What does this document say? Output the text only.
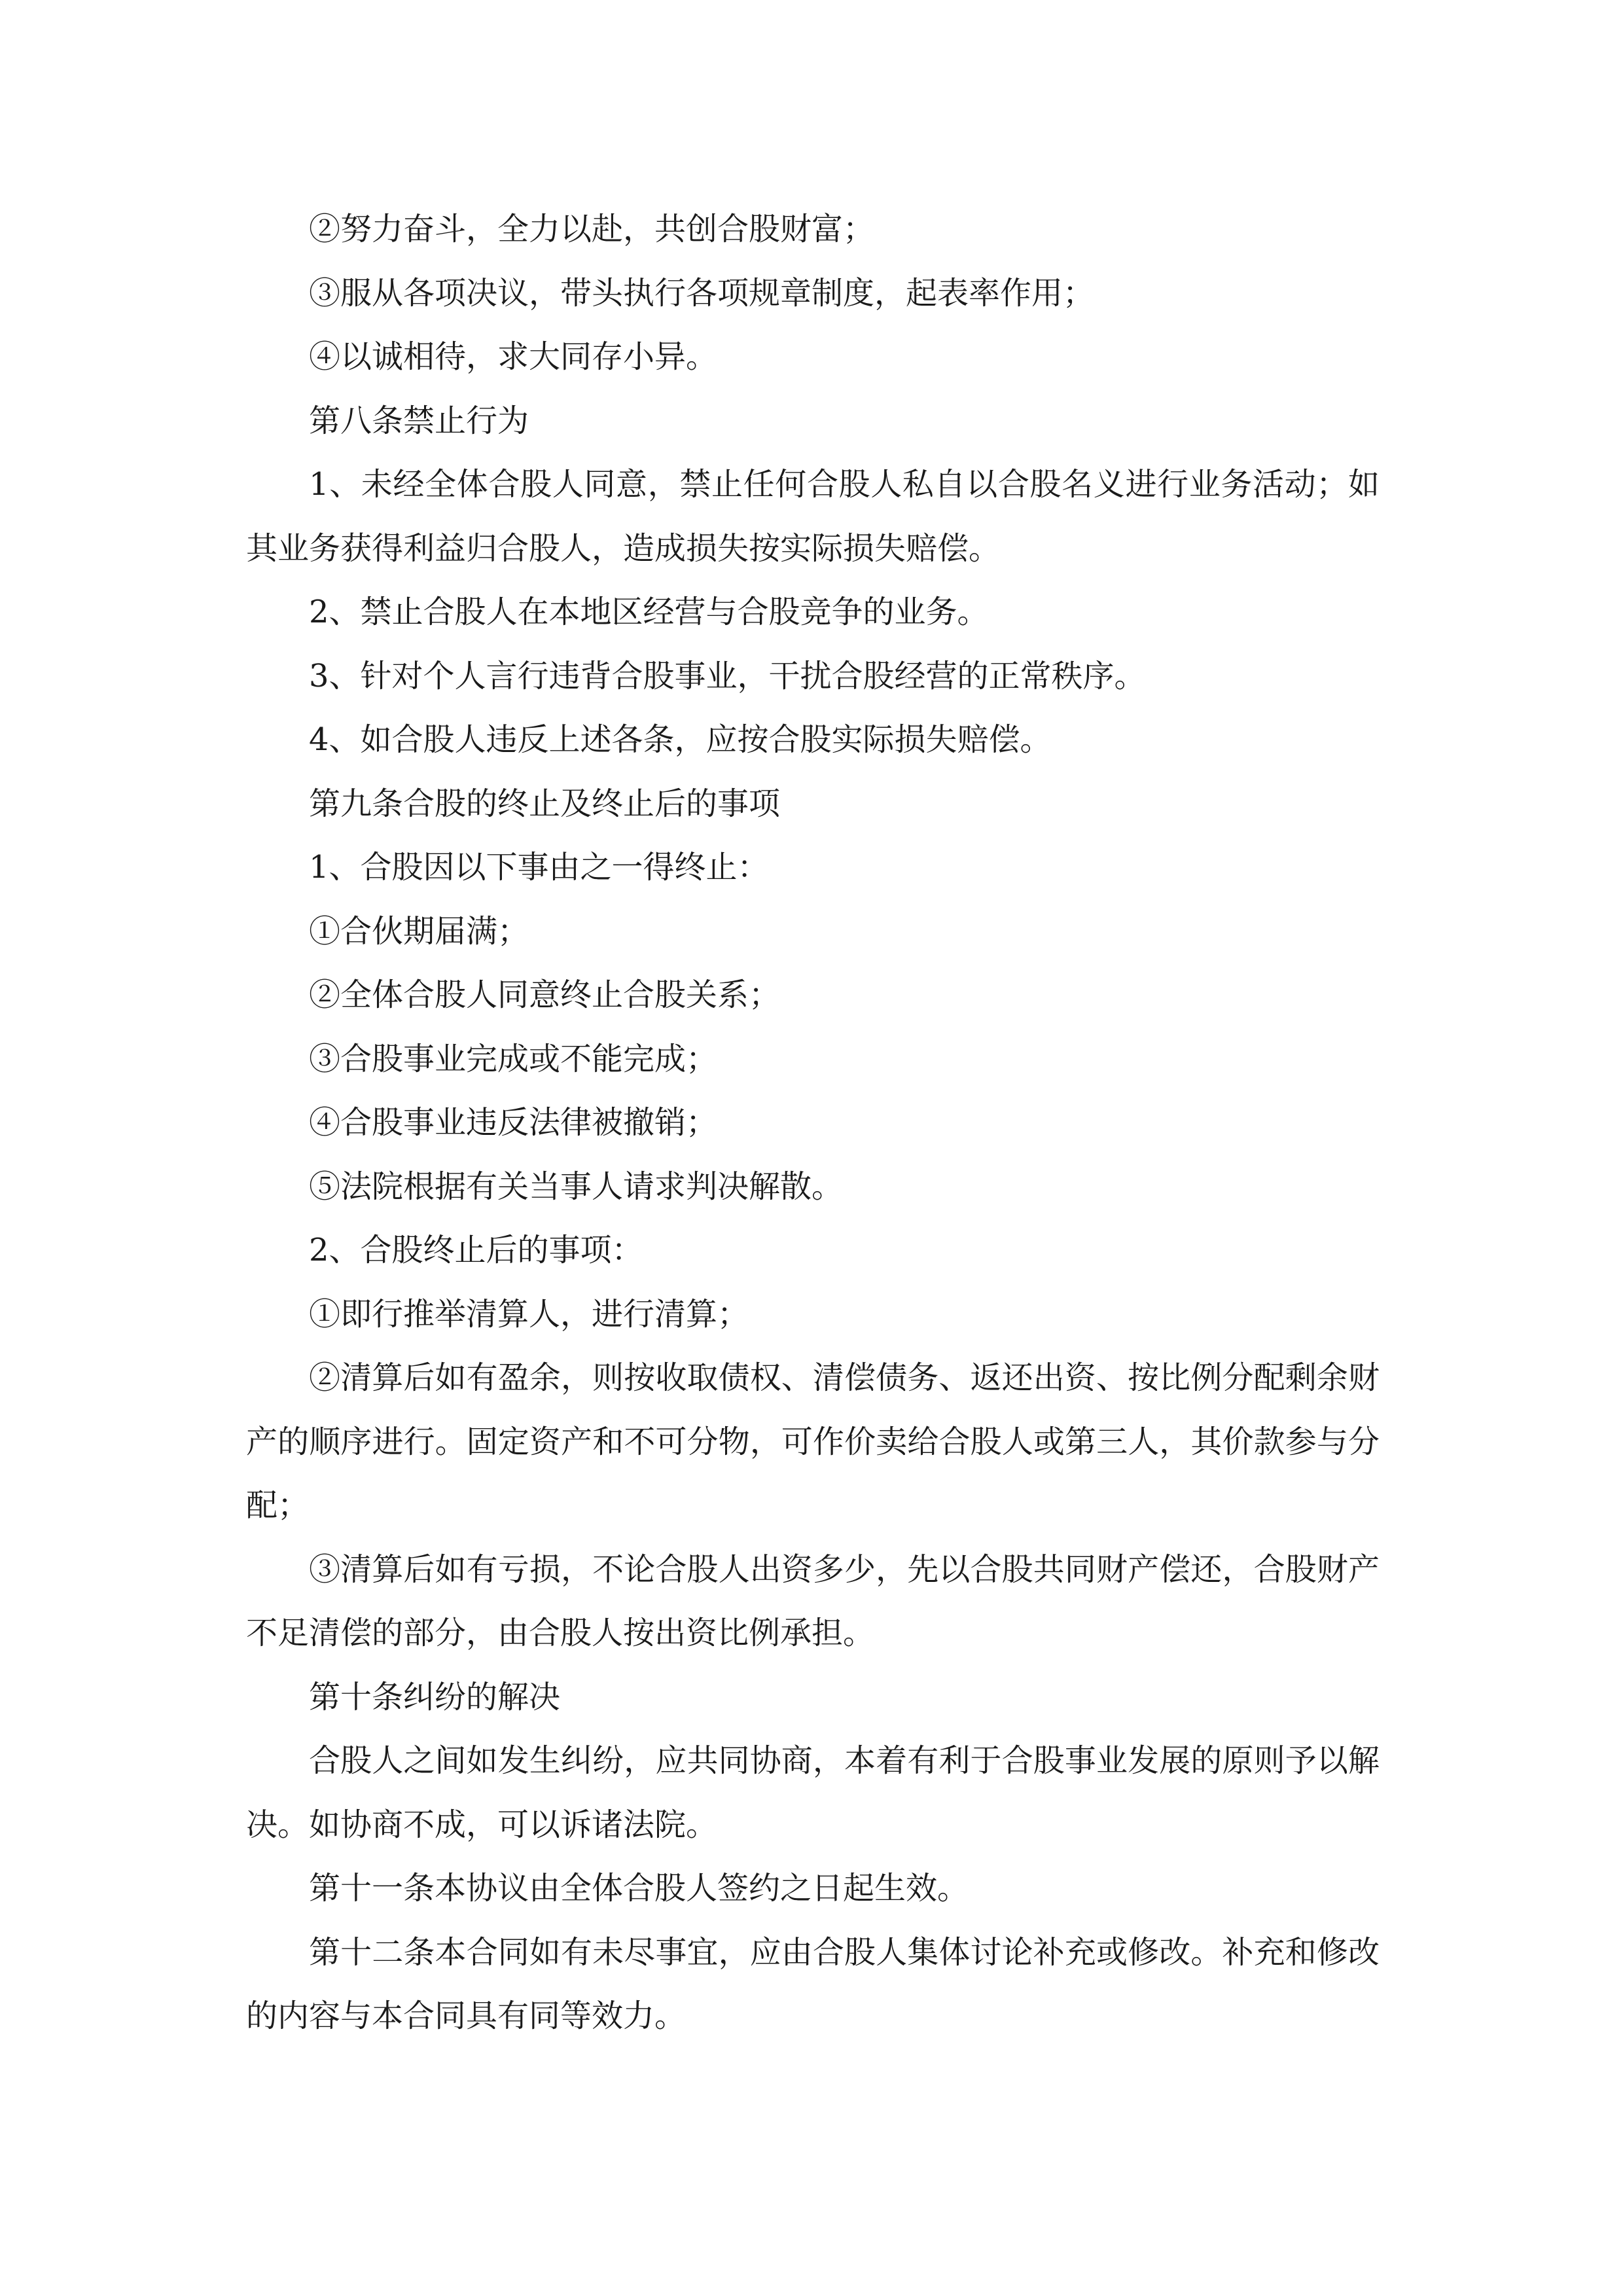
②努力奋斗，全力以赴，共创合股财富；

③服从各项决议，带头执行各项规章制度，起表率作用；

④以诚相待，求大同存小异。

第八条禁止行为

1、未经全体合股人同意，禁止任何合股人私自以合股名义进行业务活动；如其业务获得利益归合股人，造成损失按实际损失赔偿。

2、禁止合股人在本地区经营与合股竞争的业务。

3、针对个人言行违背合股事业，干扰合股经营的正常秩序。

4、如合股人违反上述各条，应按合股实际损失赔偿。

第九条合股的终止及终止后的事项

1、合股因以下事由之一得终止：

①合伙期届满；

②全体合股人同意终止合股关系；

③合股事业完成或不能完成；

④合股事业违反法律被撤销；

⑤法院根据有关当事人请求判决解散。

2、合股终止后的事项：

①即行推举清算人，进行清算；

②清算后如有盈余，则按收取债权、清偿债务、返还出资、按比例分配剩余财产的顺序进行。固定资产和不可分物，可作价卖给合股人或第三人，其价款参与分配；

③清算后如有亏损，不论合股人出资多少，先以合股共同财产偿还，合股财产不足清偿的部分，由合股人按出资比例承担。

第十条纠纷的解决

合股人之间如发生纠纷，应共同协商，本着有利于合股事业发展的原则予以解决。如协商不成，可以诉诸法院。

第十一条本协议由全体合股人签约之日起生效。

第十二条本合同如有未尽事宜，应由合股人集体讨论补充或修改。补充和修改的内容与本合同具有同等效力。
